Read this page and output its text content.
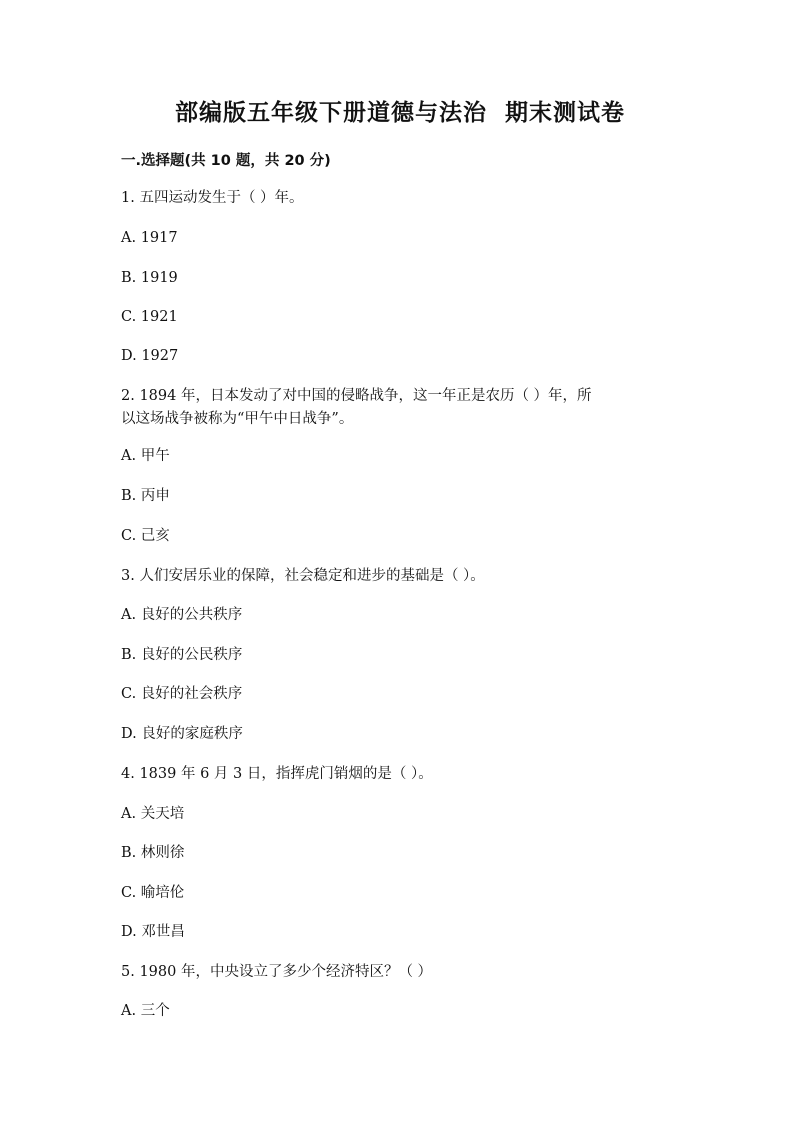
部编版五年级下册道德与法治  期末测试卷
一.选择题(共 10 题，共 20 分)
1. 五四运动发生于（ ）年。
A. 1917
B. 1919
C. 1921
D. 1927
2. 1894 年，日本发动了对中国的侵略战争，这一年正是农历（ ）年，所
以这场战争被称为“甲午中日战争”。
A. 甲午
B. 丙申
C. 己亥
3. 人们安居乐业的保障，社会稳定和进步的基础是（ ）。
A. 良好的公共秩序
B. 良好的公民秩序
C. 良好的社会秩序
D. 良好的家庭秩序
4. 1839 年 6 月 3 日，指挥虎门销烟的是（ ）。
A. 关天培
B. 林则徐
C. 喻培伦
D. 邓世昌
5. 1980 年，中央设立了多少个经济特区？（ ）
A. 三个
